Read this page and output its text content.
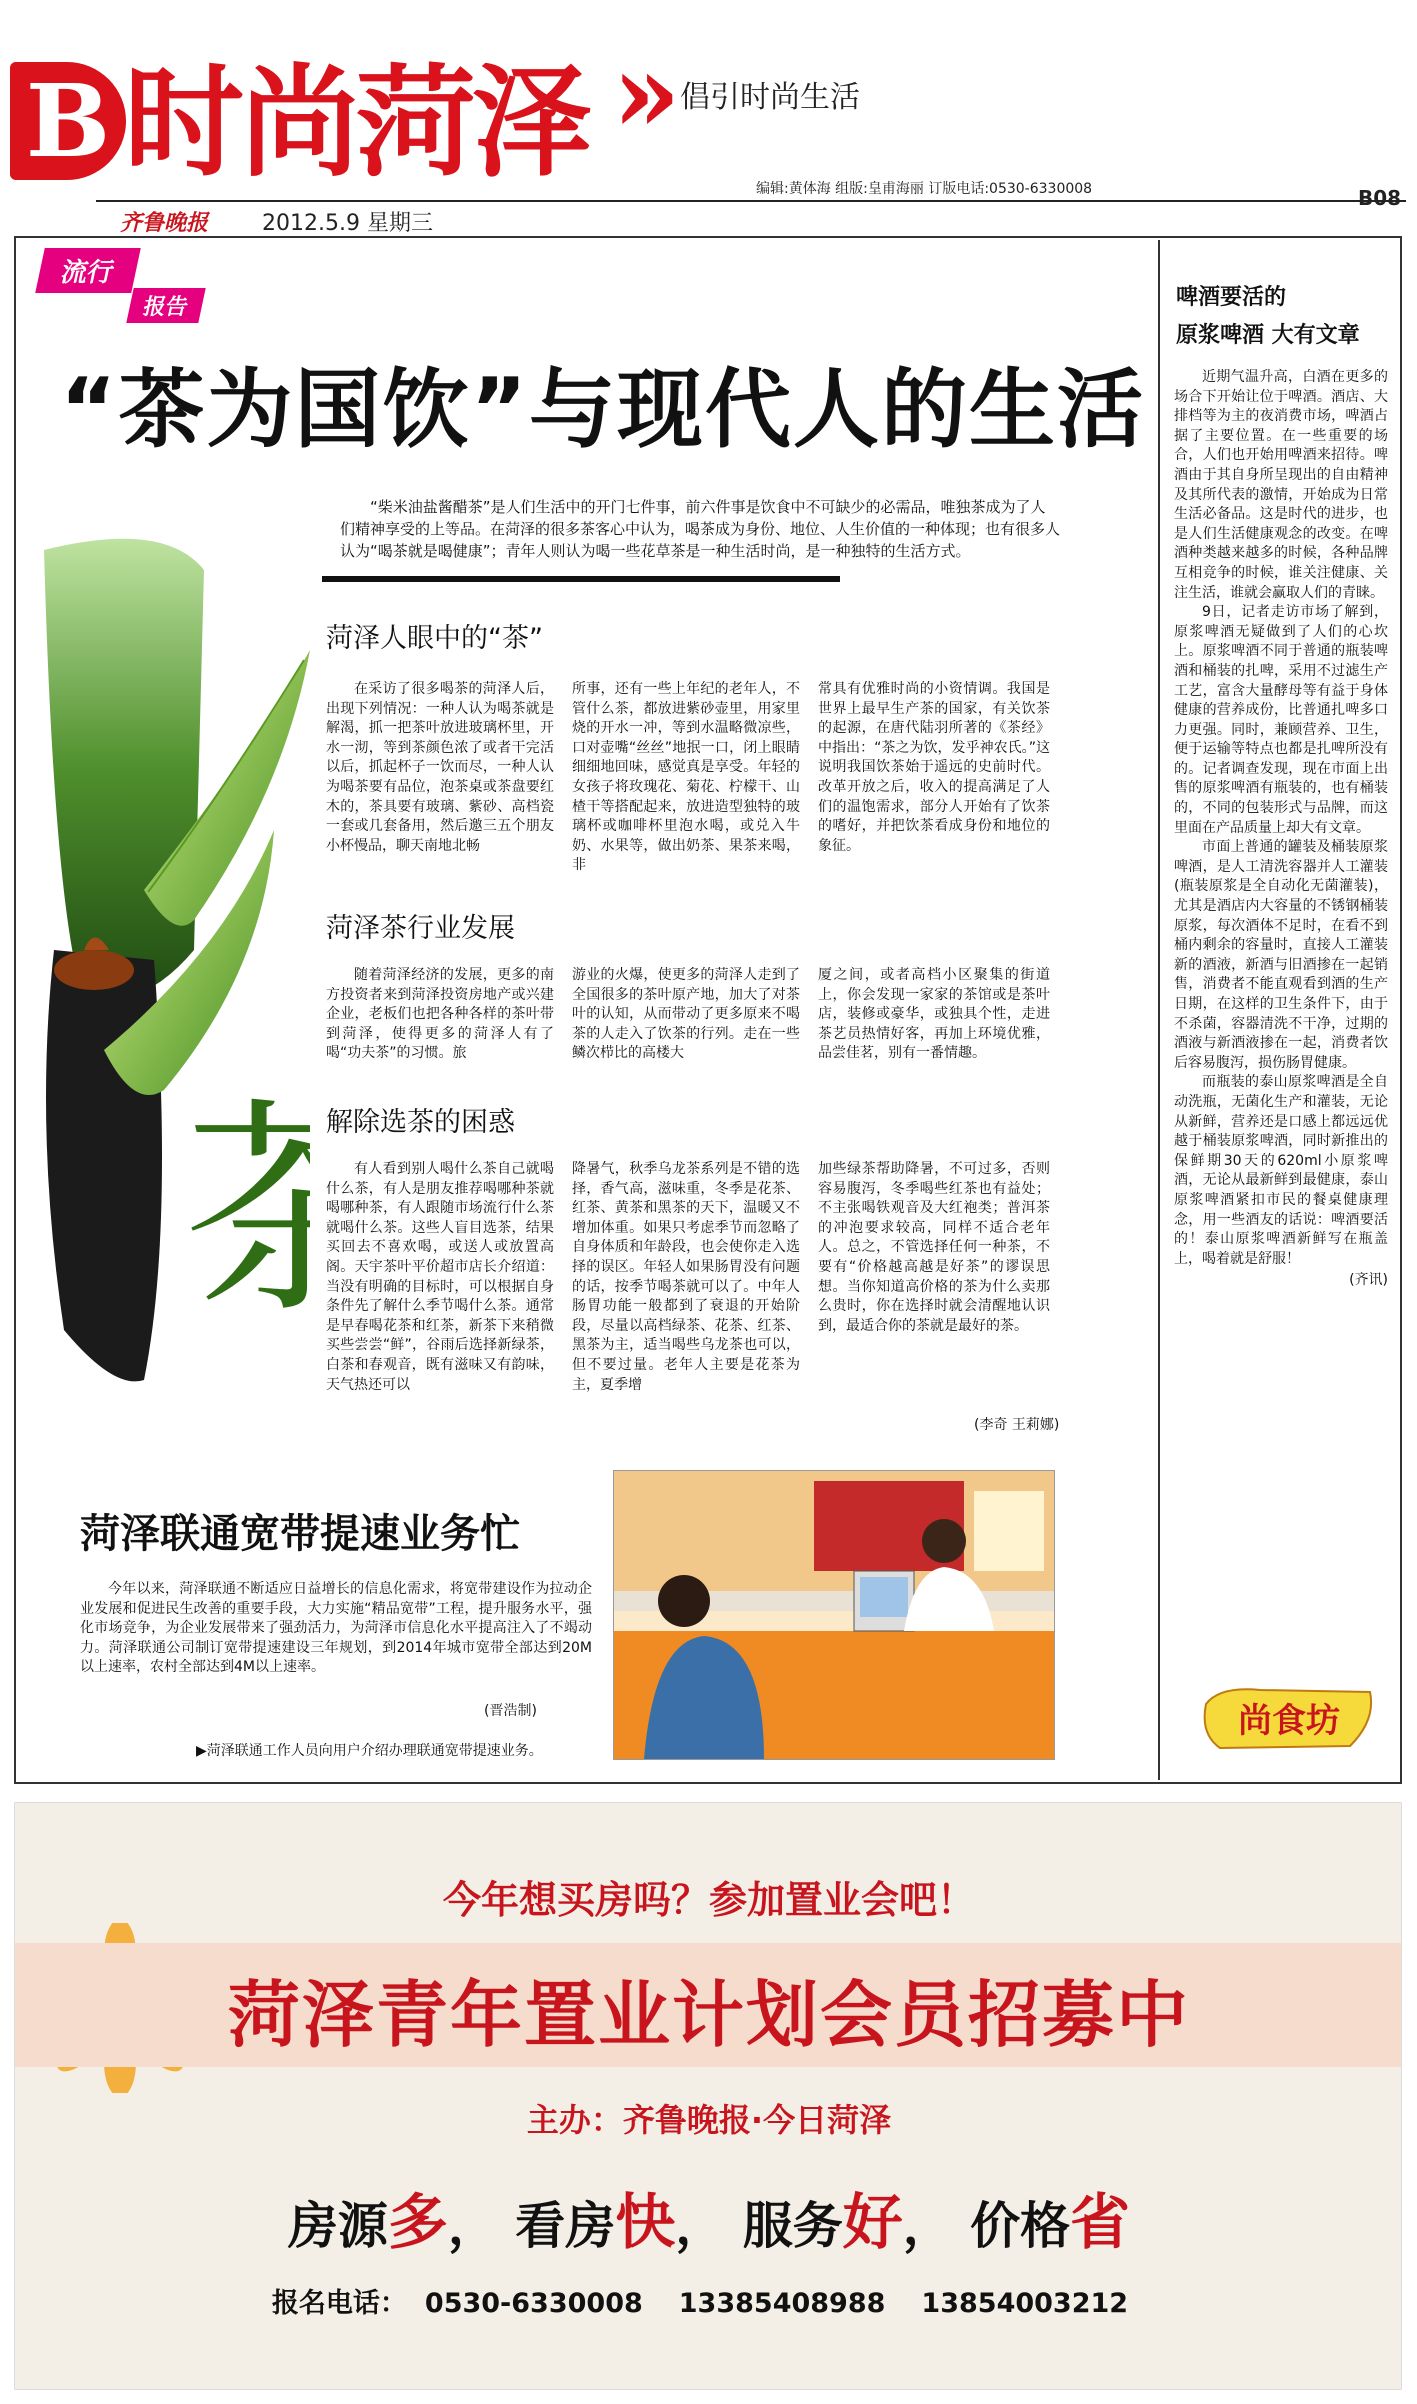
B 时尚菏泽 » 倡引时尚生活
编辑:黄体海 组版:皇甫海丽 订版电话:0530-6330008
齐鲁晚报 2012.5.9 星期三
B08
流行
报告
“茶为国饮”与现代人的生活
“柴米油盐酱醋茶”是人们生活中的开门七件事，前六件事是饮食中不可缺少的必需品，唯独茶成为了人们精神享受的上等品。在菏泽的很多茶客心中认为，喝茶成为身份、地位、人生价值的一种体现；也有很多人认为“喝茶就是喝健康”；青年人则认为喝一些花草茶是一种生活时尚，是一种独特的生活方式。
茶
菏泽人眼中的“茶”
在采访了很多喝茶的菏泽人后，出现下列情况：一种人认为喝茶就是解渴，抓一把茶叶放进玻璃杯里，开水一沏，等到茶颜色浓了或者干完活以后，抓起杯子一饮而尽，一种人认为喝茶要有品位，泡茶桌或茶盘要红木的，茶具要有玻璃、紫砂、高档瓷一套或几套备用，然后邀三五个朋友小杯慢品，聊天南地北畅
所事，还有一些上年纪的老年人，不管什么茶，都放进紫砂壶里，用家里烧的开水一冲，等到水温略微凉些，口对壶嘴“丝丝”地抿一口，闭上眼睛细细地回味，感觉真是享受。年轻的女孩子将玫瑰花、菊花、柠檬干、山楂干等搭配起来，放进造型独特的玻璃杯或咖啡杯里泡水喝，或兑入牛奶、水果等，做出奶茶、果茶来喝，非
常具有优雅时尚的小资情调。我国是世界上最早生产茶的国家，有关饮茶的起源，在唐代陆羽所著的《茶经》中指出：“茶之为饮，发乎神农氏。”这说明我国饮茶始于遥远的史前时代。改革开放之后，收入的提高满足了人们的温饱需求，部分人开始有了饮茶的嗜好，并把饮茶看成身份和地位的象征。
菏泽茶行业发展
随着菏泽经济的发展，更多的南方投资者来到菏泽投资房地产或兴建企业，老板们也把各种各样的茶叶带到菏泽，使得更多的菏泽人有了喝“功夫茶”的习惯。旅
游业的火爆，使更多的菏泽人走到了全国很多的茶叶原产地，加大了对茶叶的认知，从而带动了更多原来不喝茶的人走入了饮茶的行列。走在一些鳞次栉比的高楼大
厦之间，或者高档小区聚集的街道上，你会发现一家家的茶馆或是茶叶店，装修或豪华，或独具个性，走进茶艺员热情好客，再加上环境优雅，品尝佳茗，别有一番情趣。
解除选茶的困惑
有人看到别人喝什么茶自己就喝什么茶，有人是朋友推荐喝哪种茶就喝哪种茶，有人跟随市场流行什么茶就喝什么茶。这些人盲目选茶，结果买回去不喜欢喝，或送人或放置高阁。天宇茶叶平价超市店长介绍道：当没有明确的目标时，可以根据自身条件先了解什么季节喝什么茶。通常是早春喝花茶和红茶，新茶下来稍微买些尝尝“鲜”，谷雨后选择新绿茶，白茶和春观音，既有滋味又有韵味，天气热还可以
降暑气，秋季乌龙茶系列是不错的选择，香气高，滋味重，冬季是花茶、红茶、黄茶和黑茶的天下，温暖又不增加体重。如果只考虑季节而忽略了自身体质和年龄段，也会使你走入选择的误区。年轻人如果肠胃没有问题的话，按季节喝茶就可以了。中年人肠胃功能一般都到了衰退的开始阶段，尽量以高档绿茶、花茶、红茶、黑茶为主，适当喝些乌龙茶也可以，但不要过量。老年人主要是花茶为主，夏季增
加些绿茶帮助降暑，不可过多，否则容易腹泻，冬季喝些红茶也有益处；不主张喝铁观音及大红袍类；普洱茶的冲泡要求较高，同样不适合老年人。总之，不管选择任何一种茶，不要有“价格越高越是好茶”的谬误思想。当你知道高价格的茶为什么卖那么贵时，你在选择时就会清醒地认识到，最适合你的茶就是最好的茶。
(李奇 王莉娜)
菏泽联通宽带提速业务忙
今年以来，菏泽联通不断适应日益增长的信息化需求，将宽带建设作为拉动企业发展和促进民生改善的重要手段，大力实施“精品宽带”工程，提升服务水平，强化市场竞争，为企业发展带来了强劲活力，为菏泽市信息化水平提高注入了不竭动力。菏泽联通公司制订宽带提速建设三年规划，到2014年城市宽带全部达到20M以上速率，农村全部达到4M以上速率。
(晋浩制)
▶菏泽联通工作人员向用户介绍办理联通宽带提速业务。
啤酒要活的
原浆啤酒 大有文章
近期气温升高，白酒在更多的场合下开始让位于啤酒。酒店、大排档等为主的夜消费市场，啤酒占据了主要位置。在一些重要的场合，人们也开始用啤酒来招待。啤酒由于其自身所呈现出的自由精神及其所代表的激情，开始成为日常生活必备品。这是时代的进步，也是人们生活健康观念的改变。在啤酒种类越来越多的时候，各种品牌互相竞争的时候，谁关注健康、关注生活，谁就会赢取人们的青睐。
9日，记者走访市场了解到，原浆啤酒无疑做到了人们的心坎上。原浆啤酒不同于普通的瓶装啤酒和桶装的扎啤，采用不过滤生产工艺，富含大量酵母等有益于身体健康的营养成份，比普通扎啤多口力更强。同时，兼顾营养、卫生，便于运输等特点也都是扎啤所没有的。记者调查发现，现在市面上出售的原浆啤酒有瓶装的，也有桶装的，不同的包装形式与品牌，而这里面在产品质量上却大有文章。
市面上普通的罐装及桶装原浆啤酒，是人工清洗容器并人工灌装(瓶装原浆是全自动化无菌灌装)，尤其是酒店内大容量的不锈钢桶装原浆，每次酒体不足时，在看不到桶内剩余的容量时，直接人工灌装新的酒液，新酒与旧酒掺在一起销售，消费者不能直观看到酒的生产日期，在这样的卫生条件下，由于不杀菌，容器清洗不干净，过期的酒液与新酒液掺在一起，消费者饮后容易腹泻，损伤肠胃健康。
而瓶装的泰山原浆啤酒是全自动洗瓶，无菌化生产和灌装，无论从新鲜，营养还是口感上都远远优越于桶装原浆啤酒，同时新推出的保鲜期30天的620ml小原浆啤酒，无论从最新鲜到最健康，泰山原浆啤酒紧扣市民的餐桌健康理念，用一些酒友的话说：啤酒要活的！泰山原浆啤酒新鲜写在瓶盖上，喝着就是舒服！
(齐讯)
尚食坊
今年想买房吗？参加置业会吧！
菏泽青年置业计划会员招募中
主办：齐鲁晚报·今日菏泽
房源多， 看房快， 服务好， 价格省
报名电话： 0530-6330008 13385408988 13854003212
